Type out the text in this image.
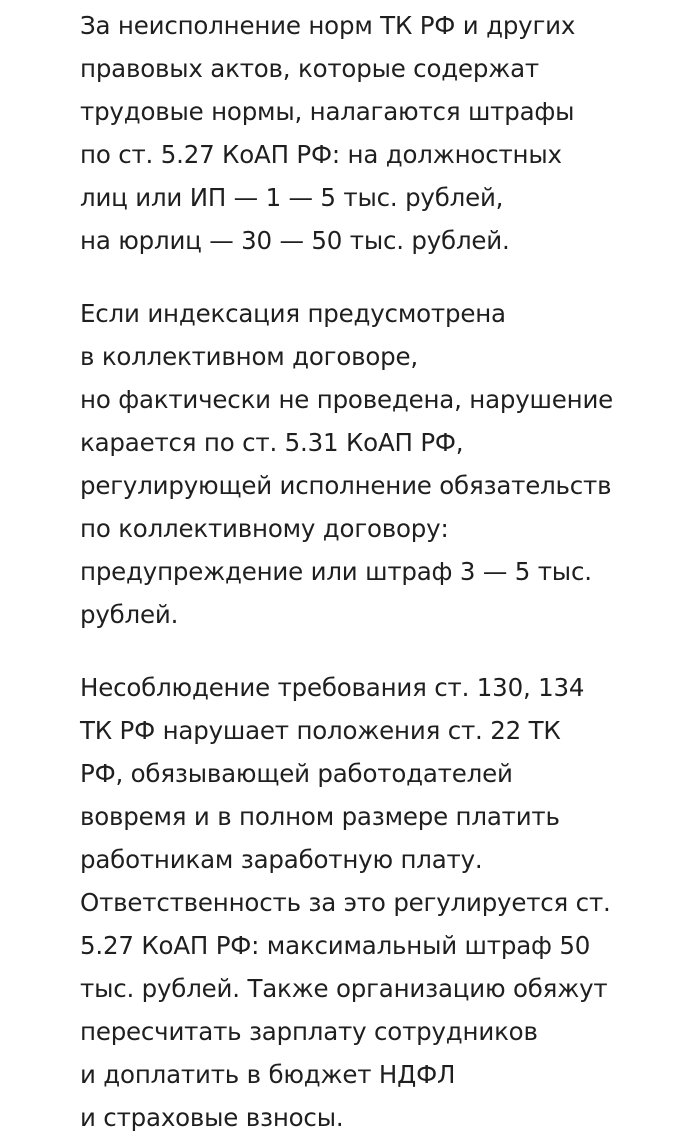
За неисполнение норм ТК РФ и других
правовых актов, которые содержат
трудовые нормы, налагаются штрафы
по ст. 5.27 КоАП РФ: на должностных
лиц или ИП — 1 — 5 тыс. рублей,
на юрлиц — 30 — 50 тыс. рублей.

Если индексация предусмотрена
в коллективном договоре,
но фактически не проведена, нарушение
карается по ст. 5.31 КоАП РФ,
регулирующей исполнение обязательств
по коллективному договору:
предупреждение или штраф 3 — 5 тыс.
рублей.

Несоблюдение требования ст. 130, 134
ТК РФ нарушает положения ст. 22 ТК
РФ, обязывающей работодателей
вовремя и в полном размере платить
работникам заработную плату.
Ответственность за это регулируется ст.
5.27 КоАП РФ: максимальный штраф 50
тыс. рублей. Также организацию обяжут
пересчитать зарплату сотрудников
и доплатить в бюджет НДФЛ
и страховые взносы.
